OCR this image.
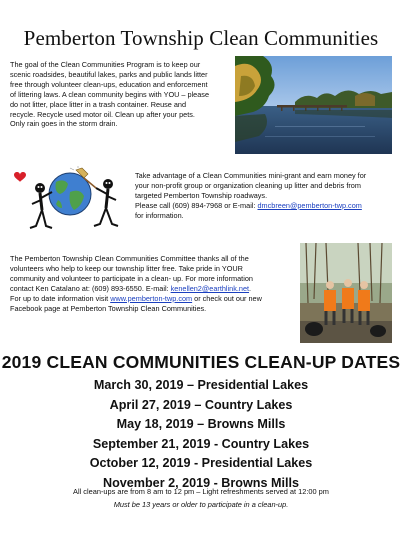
Pemberton Township Clean Communities
The goal of the Clean Communities Program is to keep our
scenic roadsides, beautiful lakes, parks and public lands litter
free through volunteer clean-ups, education and enforcement
of littering laws. A clean community begins with YOU – please
do not litter, place litter in a trash container. Reuse and
recycle. Recycle used motor oil. Clean up after your pets.
Only rain goes in the storm drain.
Take advantage of a Clean Communities mini-grant and earn money for
your non-profit group or organization cleaning up litter and debris from
targeted Pemberton Township roadways.
Please call (609) 894-7968 or E-mail: dmcbreen@pemberton-twp.com
for information.
The Pemberton Township Clean Communities Committee thanks all of the
volunteers who help to keep our township litter free. Take pride in YOUR
community and volunteer to participate in a clean- up. For more information
contact Ken Catalano at: (609) 893-6550. E-mail: kenellen2@earthlink.net.
For up to date information visit www.pemberton-twp.com or check out our new
Facebook page at Pemberton Township Clean Communities.
2019 CLEAN COMMUNITIES CLEAN-UP DATES
March 30, 2019 – Presidential Lakes
April 27, 2019 – Country Lakes
May 18, 2019 – Browns Mills
September 21, 2019 - Country Lakes
October 12, 2019 - Presidential Lakes
November 2, 2019 - Browns Mills
All clean-ups are from 8 am to 12 pm – Light refreshments served at 12:00 pm
Must be 13 years or older to participate in a clean-up.
